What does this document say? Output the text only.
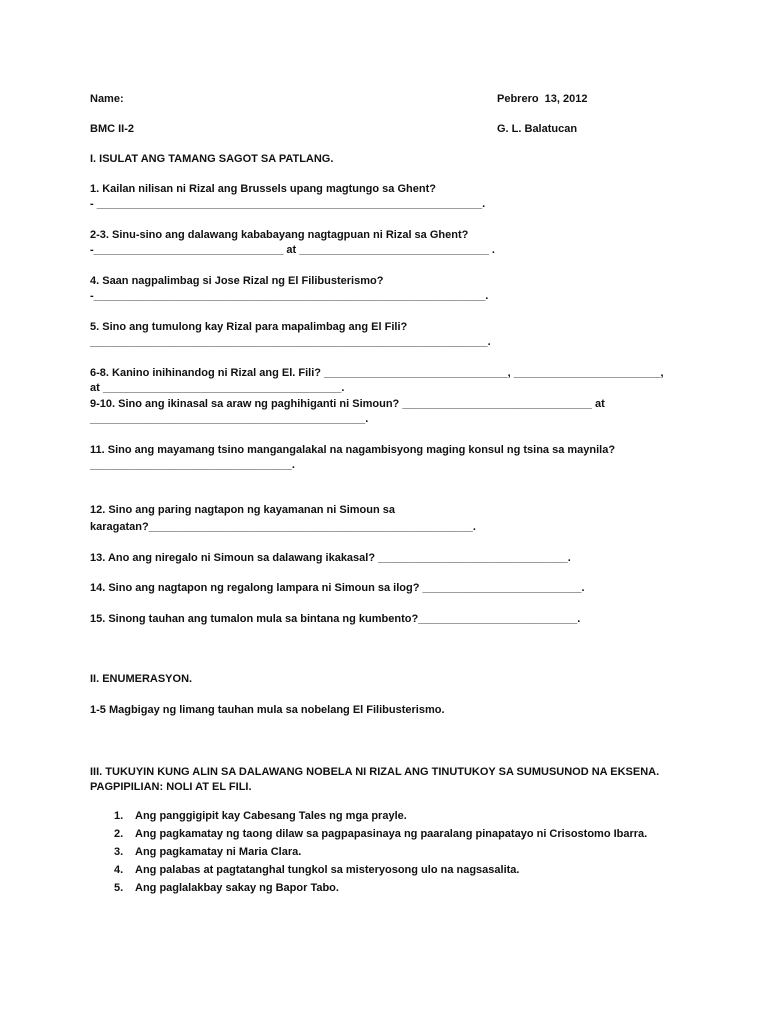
Name:	Pebrero  13, 2012
BMC II-2	G. L. Balatucan
I. ISULAT ANG TAMANG SAGOT SA PATLANG.
1. Kailan nilisan ni Rizal ang Brussels upang magtungo sa Ghent?
- _______________________________________________________________.
2-3. Sinu-sino ang dalawang kababayang nagtagpuan ni Rizal sa Ghent?
-_______________________________ at _______________________________ .
4. Saan nagpalimbag si Jose Rizal ng El Filibusterismo?
-________________________________________________________________.
5. Sino ang tumulong kay Rizal para mapalimbag ang El Fili?
_________________________________________________________________.
6-8. Kanino inihinandog ni Rizal ang El. Fili? ______________________________, ________________________,
at _______________________________________.
9-10. Sino ang ikinasal sa araw ng paghihiganti ni Simoun? _______________________________ at
_____________________________________________.
11. Sino ang mayamang tsino mangangalakal na nagambisyong maging konsul ng tsina sa maynila?
_________________________________.
12. Sino ang paring nagtapon ng kayamanan ni Simoun sa
karagatan?_____________________________________________________.
13. Ano ang niregalo ni Simoun sa dalawang ikakasal? _______________________________.
14. Sino ang nagtapon ng regalong lampara ni Simoun sa ilog? __________________________.
15. Sinong tauhan ang tumalon mula sa bintana ng kumbento?__________________________.
II. ENUMERASYON.
1-5 Magbigay ng limang tauhan mula sa nobelang El Filibusterismo.
III. TUKUYIN KUNG ALIN SA DALAWANG NOBELA NI RIZAL ANG TINUTUKOY SA SUMUSUNOD NA EKSENA.
PAGPIPILIAN: NOLI AT EL FILI.
1. Ang panggigipit kay Cabesang Tales ng mga prayle.
2. Ang pagkamatay ng taong dilaw sa pagpapasinaya ng paaralang pinapatayo ni Crisostomo Ibarra.
3. Ang pagkamatay ni Maria Clara.
4. Ang palabas at pagtatanghal tungkol sa misteryosong ulo na nagsasalita.
5. Ang paglalakbay sakay ng Bapor Tabo.
